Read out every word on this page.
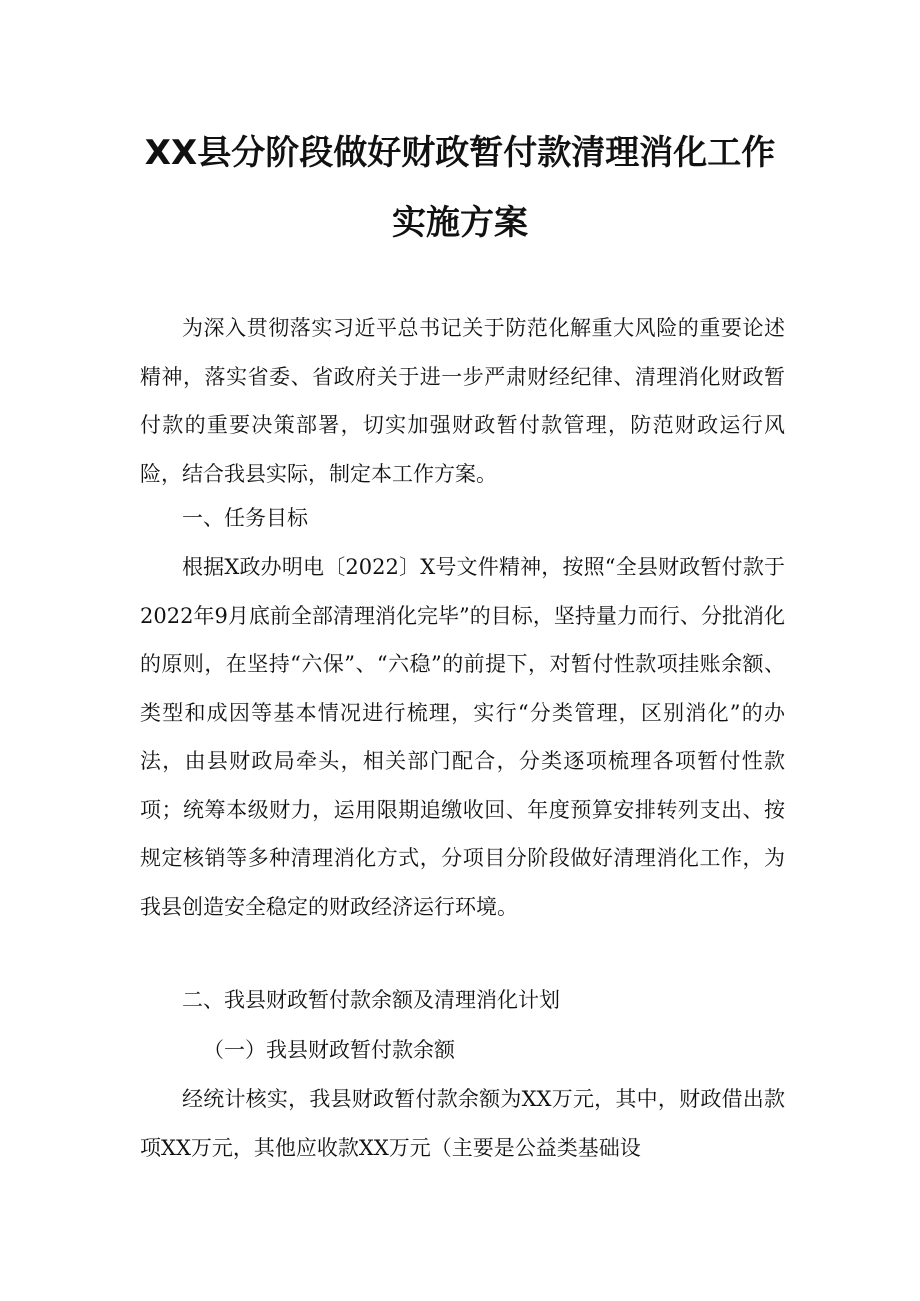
XX县分阶段做好财政暂付款清理消化工作
实施方案

为深入贯彻落实习近平总书记关于防范化解重大风险的重要论述精神，落实省委、省政府关于进一步严肃财经纪律、清理消化财政暂付款的重要决策部署，切实加强财政暂付款管理，防范财政运行风险，结合我县实际，制定本工作方案。

一、任务目标

根据X政办明电〔2022〕X号文件精神，按照“全县财政暂付款于2022年9月底前全部清理消化完毕”的目标，坚持量力而行、分批消化的原则，在坚持“六保”、“六稳”的前提下，对暂付性款项挂账余额、类型和成因等基本情况进行梳理，实行“分类管理，区别消化”的办法，由县财政局牵头，相关部门配合，分类逐项梳理各项暂付性款项；统筹本级财力，运用限期追缴收回、年度预算安排转列支出、按规定核销等多种清理消化方式，分项目分阶段做好清理消化工作，为我县创造安全稳定的财政经济运行环境。

二、我县财政暂付款余额及清理消化计划

（一）我县财政暂付款余额

经统计核实，我县财政暂付款余额为XX万元，其中，财政借出款项XX万元，其他应收款XX万元（主要是公益类基础设
